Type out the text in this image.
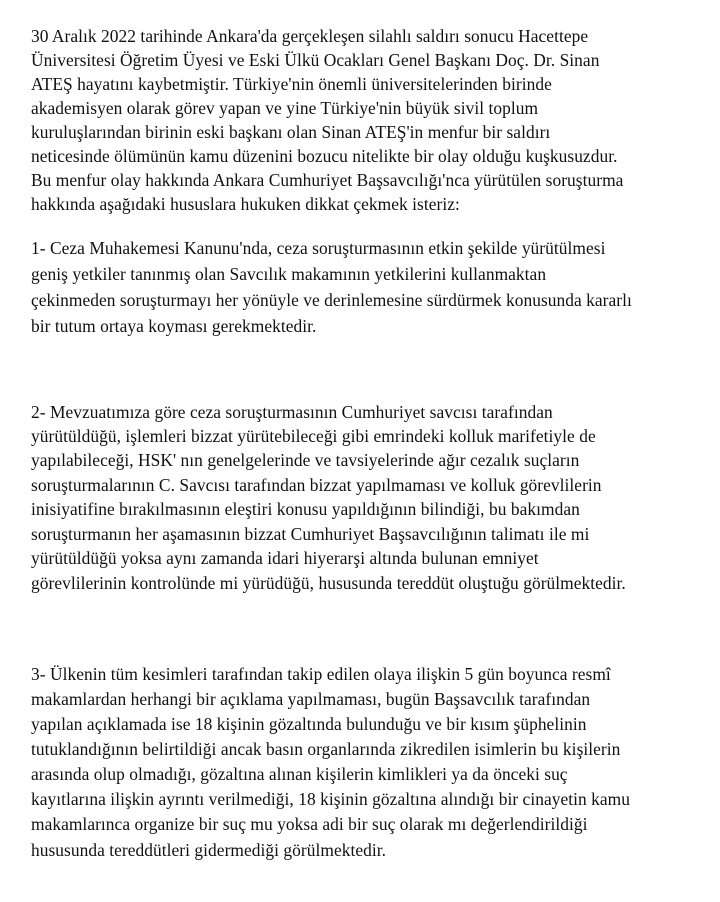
30 Aralık 2022 tarihinde Ankara'da gerçekleşen silahlı saldırı sonucu Hacettepe
Üniversitesi Öğretim Üyesi ve Eski Ülkü Ocakları Genel Başkanı Doç. Dr. Sinan
ATEŞ hayatını kaybetmiştir. Türkiye'nin önemli üniversitelerinden birinde
akademisyen olarak görev yapan ve yine Türkiye'nin büyük sivil toplum
kuruluşlarından birinin eski başkanı olan Sinan ATEŞ'in menfur bir saldırı
neticesinde ölümünün kamu düzenini bozucu nitelikte bir olay olduğu kuşkusuzdur.
Bu menfur olay hakkında Ankara Cumhuriyet Başsavcılığı'nca yürütülen soruşturma
hakkında aşağıdaki hususlara hukuken dikkat çekmek isteriz:
1- Ceza Muhakemesi Kanunu'nda, ceza soruşturmasının etkin şekilde yürütülmesi
geniş yetkiler tanınmış olan Savcılık makamının yetkilerini kullanmaktan
çekinmeden soruşturmayı her yönüyle ve derinlemesine sürdürmek konusunda kararlı
bir tutum ortaya koyması gerekmektedir.
2- Mevzuatımıza göre ceza soruşturmasının Cumhuriyet savcısı tarafından
yürütüldüğü, işlemleri bizzat yürütebileceği gibi emrindeki kolluk marifetiyle de
yapılabileceği, HSK' nın genelgelerinde ve tavsiyelerinde ağır cezalık suçların
soruşturmalarının C. Savcısı tarafından bizzat yapılmaması ve kolluk görevlilerin
inisiyatifine bırakılmasının eleştiri konusu yapıldığının bilindiği, bu bakımdan
soruşturmanın her aşamasının bizzat Cumhuriyet Başsavcılığının talimatı ile mi
yürütüldüğü yoksa aynı zamanda idari hiyerarşi altında bulunan emniyet
görevlilerinin kontrolünde mi yürüdüğü, hususunda tereddüt oluştuğu görülmektedir.
3- Ülkenin tüm kesimleri tarafından takip edilen olaya ilişkin 5 gün boyunca resmî
makamlardan herhangi bir açıklama yapılmaması, bugün Başsavcılık tarafından
yapılan açıklamada ise 18 kişinin gözaltında bulunduğu ve bir kısım şüphelinin
tutuklandığının belirtildiği ancak basın organlarında zikredilen isimlerin bu kişilerin
arasında olup olmadığı, gözaltına alınan kişilerin kimlikleri ya da önceki suç
kayıtlarına ilişkin ayrıntı verilmediği, 18 kişinin gözaltına alındığı bir cinayetin kamu
makamlarınca organize bir suç mu yoksa adi bir suç olarak mı değerlendirildiği
hususunda tereddütleri gidermediği görülmektedir.
